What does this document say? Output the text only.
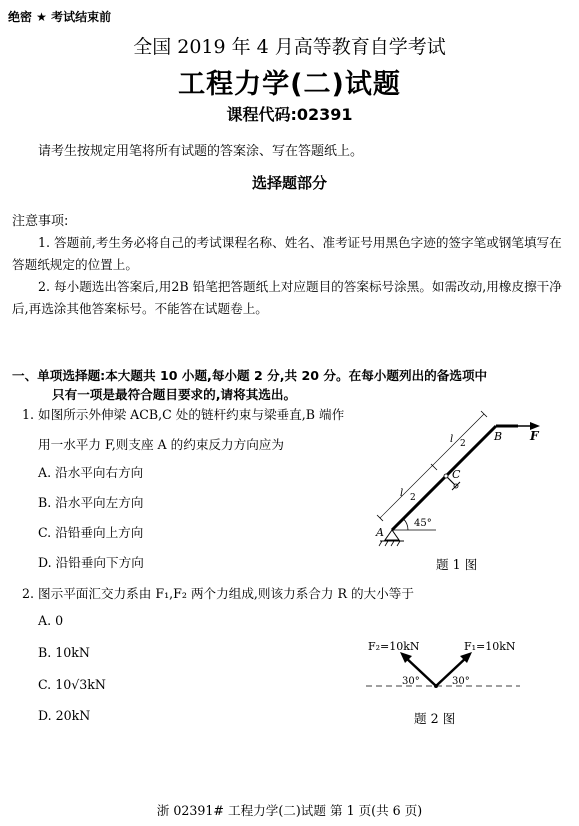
绝密 ★ 考试结束前
全国 2019 年 4 月高等教育自学考试
工程力学(二)试题
课程代码:02391
请考生按规定用笔将所有试题的答案涂、写在答题纸上。
选择题部分
注意事项:
1. 答题前,考生务必将自己的考试课程名称、姓名、准考证号用黑色字迹的签字笔或钢笔填写在答题纸规定的位置上。
2. 每小题选出答案后,用2B 铅笔把答题纸上对应题目的答案标号涂黑。如需改动,用橡皮擦干净后,再选涂其他答案标号。不能答在试题卷上。
一、单项选择题:本大题共 10 小题,每小题 2 分,共 20 分。在每小题列出的备选项中
只有一项是最符合题目要求的,请将其选出。
1. 如图所示外伸梁 ACB,C 处的链杆约束与梁垂直,B 端作
用一水平力 F,则支座 A 的约束反力方向应为
A. 沿水平向右方向
B. 沿水平向左方向
C. 沿铅垂向上方向
D. 沿铅垂向下方向
A
B
C
F
45°
l 2
l 2
题 1 图
2. 图示平面汇交力系由 F₁,F₂ 两个力组成,则该力系合力 R 的大小等于
A. 0
B. 10kN
C. 10√3kN
D. 20kN
F₂=10kN	F₁=10kN
30°	30°
题 2 图
浙 02391# 工程力学(二)试题 第 1 页(共 6 页)
